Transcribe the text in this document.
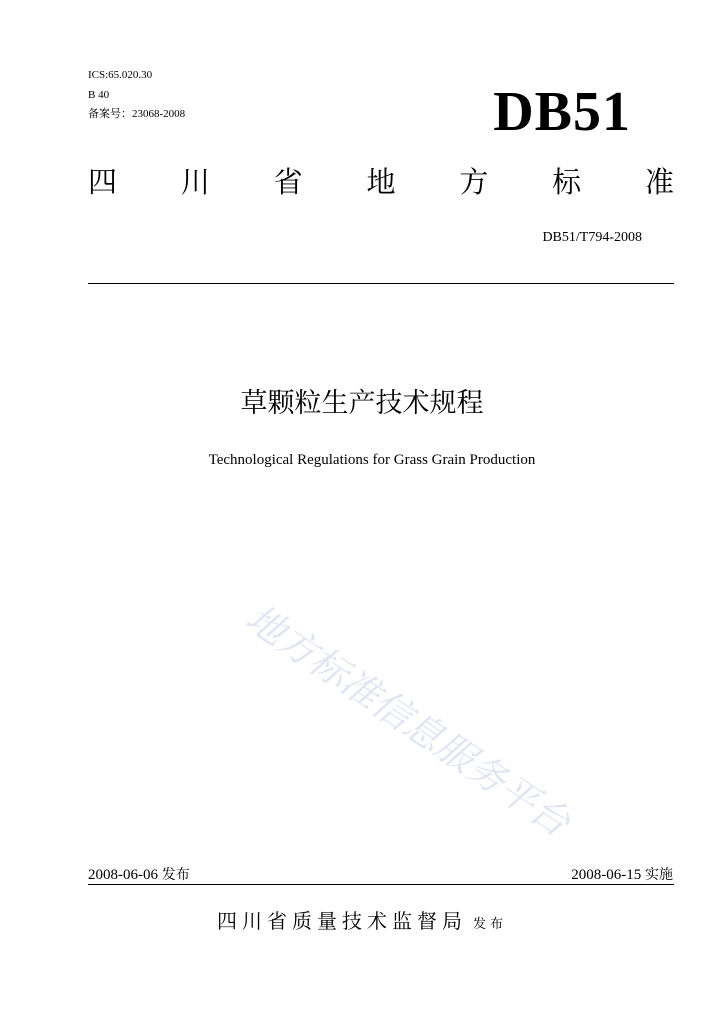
ICS:65.020.30
B 40
备案号：23068-2008	DB51
四 川 省 地 方 标 准
DB51/T794-2008
草颗粒生产技术规程
Technological Regulations for Grass Grain Production
地方标准信息服务平台
2008-06-06 发布	2008-06-15 实施
四川省质量技术监督局 发布
